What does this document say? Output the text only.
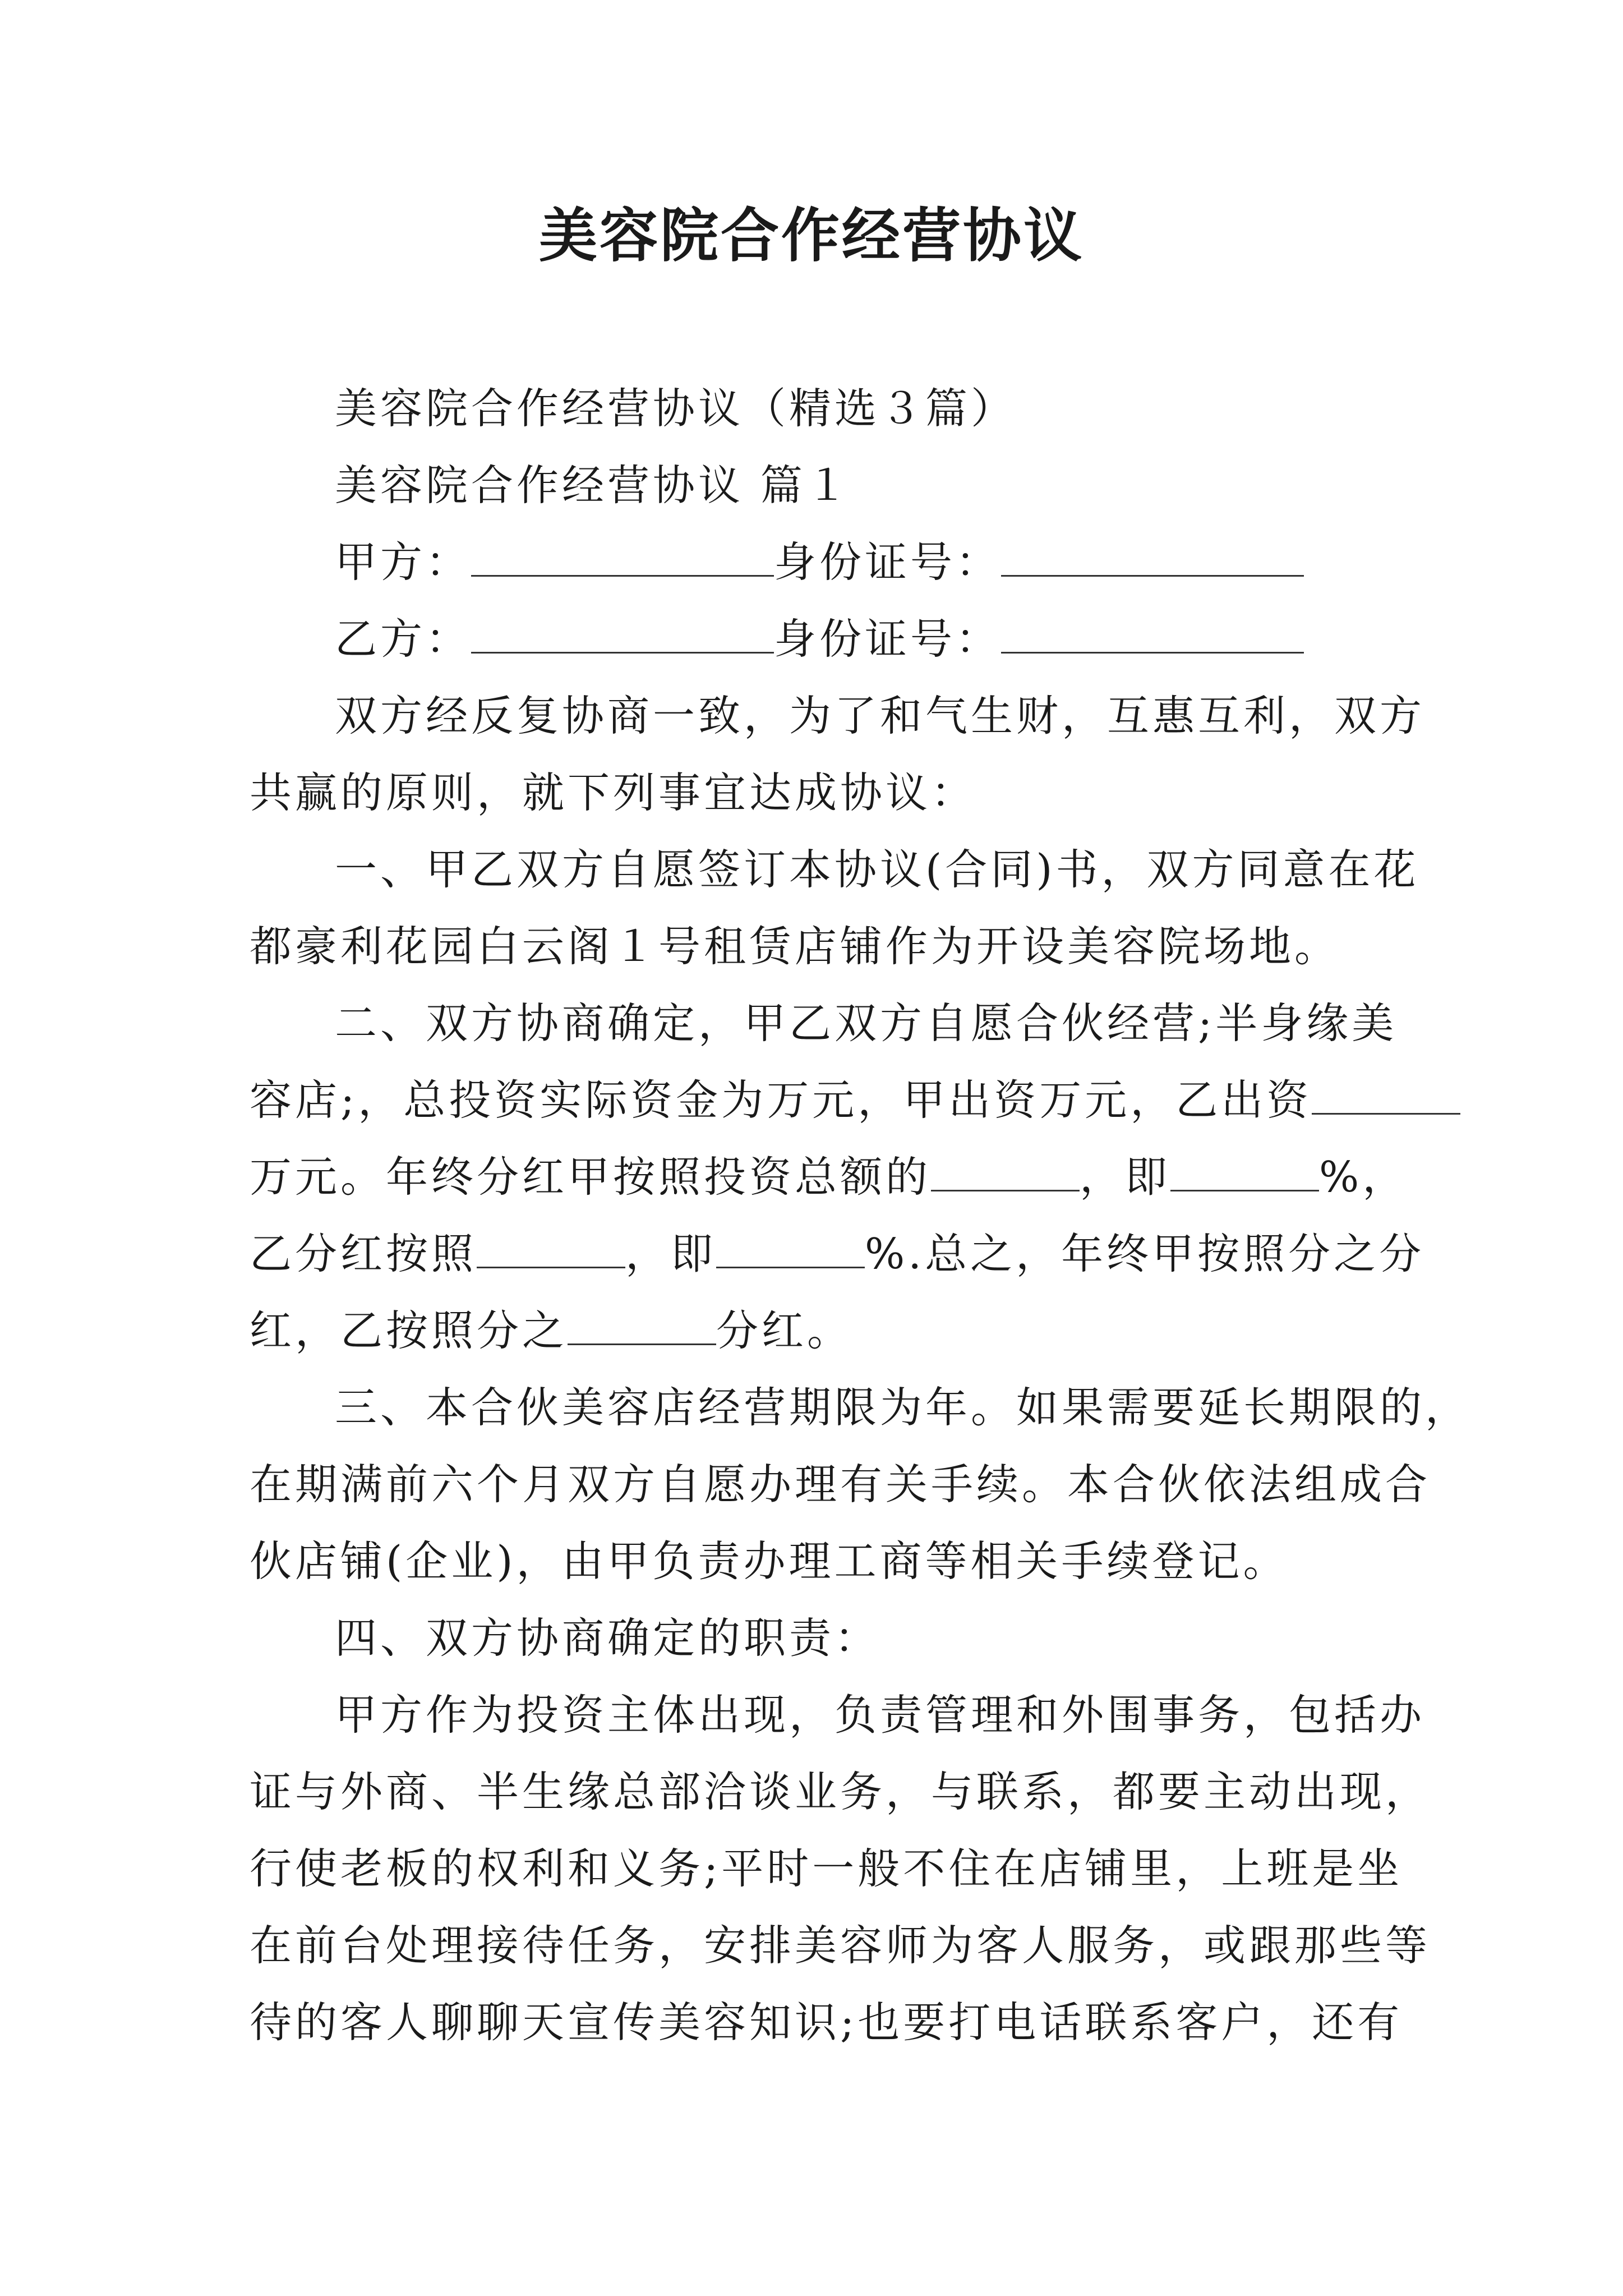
美容院合作经营协议
美容院合作经营协议（精选３篇）
美容院合作经营协议 篇１
甲方：	身份证号：
乙方：	身份证号：
双方经反复协商一致，为了和气生财，互惠互利，双方
共赢的原则，就下列事宜达成协议：
一、甲乙双方自愿签订本协议(合同)书，双方同意在花
都豪利花园白云阁１号租赁店铺作为开设美容院场地。
二、双方协商确定，甲乙双方自愿合伙经营;半身缘美
容店;，总投资实际资金为万元，甲出资万元，乙出资
万元。年终分红甲按照投资总额的	，即	%，
乙分红按照	，即	%.总之，年终甲按照分之分
红，乙按照分之	分红。
三、本合伙美容店经营期限为年。如果需要延长期限的，
在期满前六个月双方自愿办理有关手续。本合伙依法组成合
伙店铺(企业)，由甲负责办理工商等相关手续登记。
四、双方协商确定的职责：
甲方作为投资主体出现，负责管理和外围事务，包括办
证与外商、半生缘总部洽谈业务，与联系，都要主动出现，
行使老板的权利和义务;平时一般不住在店铺里，上班是坐
在前台处理接待任务，安排美容师为客人服务，或跟那些等
待的客人聊聊天宣传美容知识;也要打电话联系客户，还有
